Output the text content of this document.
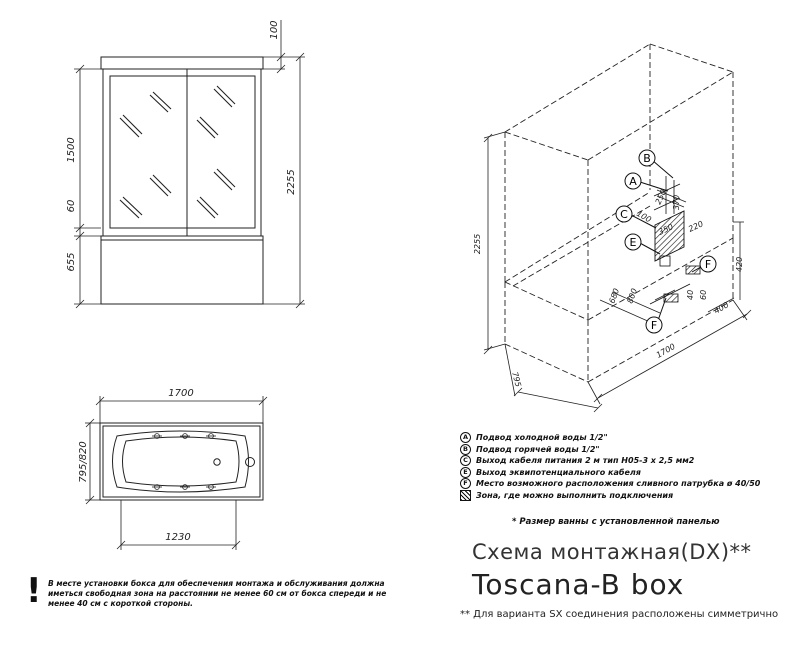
1500
60
655
2255
100
1700
795/820
1230
2255
1700
795
250 370
100
350 220
420
680 800	40 60
400
B
A
C
E
F
F
A Подвод холодной воды 1/2"
B	Подвод горячей воды 1/2"
C	Выход кабеля питания 2 м тип H05-3 x 2,5 мм2
E	Выход эквипотенциального кабеля
F	Место возможного расположения сливного патрубка ø 40/50
Зона, где можно выполнить подключения
* Размер ванны с установленной панелью
Схема монтажная(DX)**
Toscana-B box
** Для варианта SX соединения расположены симметрично
! В месте установки бокса для обеспечения монтажа и обслуживания должна иметься свободная зона на расстоянии не менее 60 см от бокса спереди и не менее 40 см с короткой стороны.
